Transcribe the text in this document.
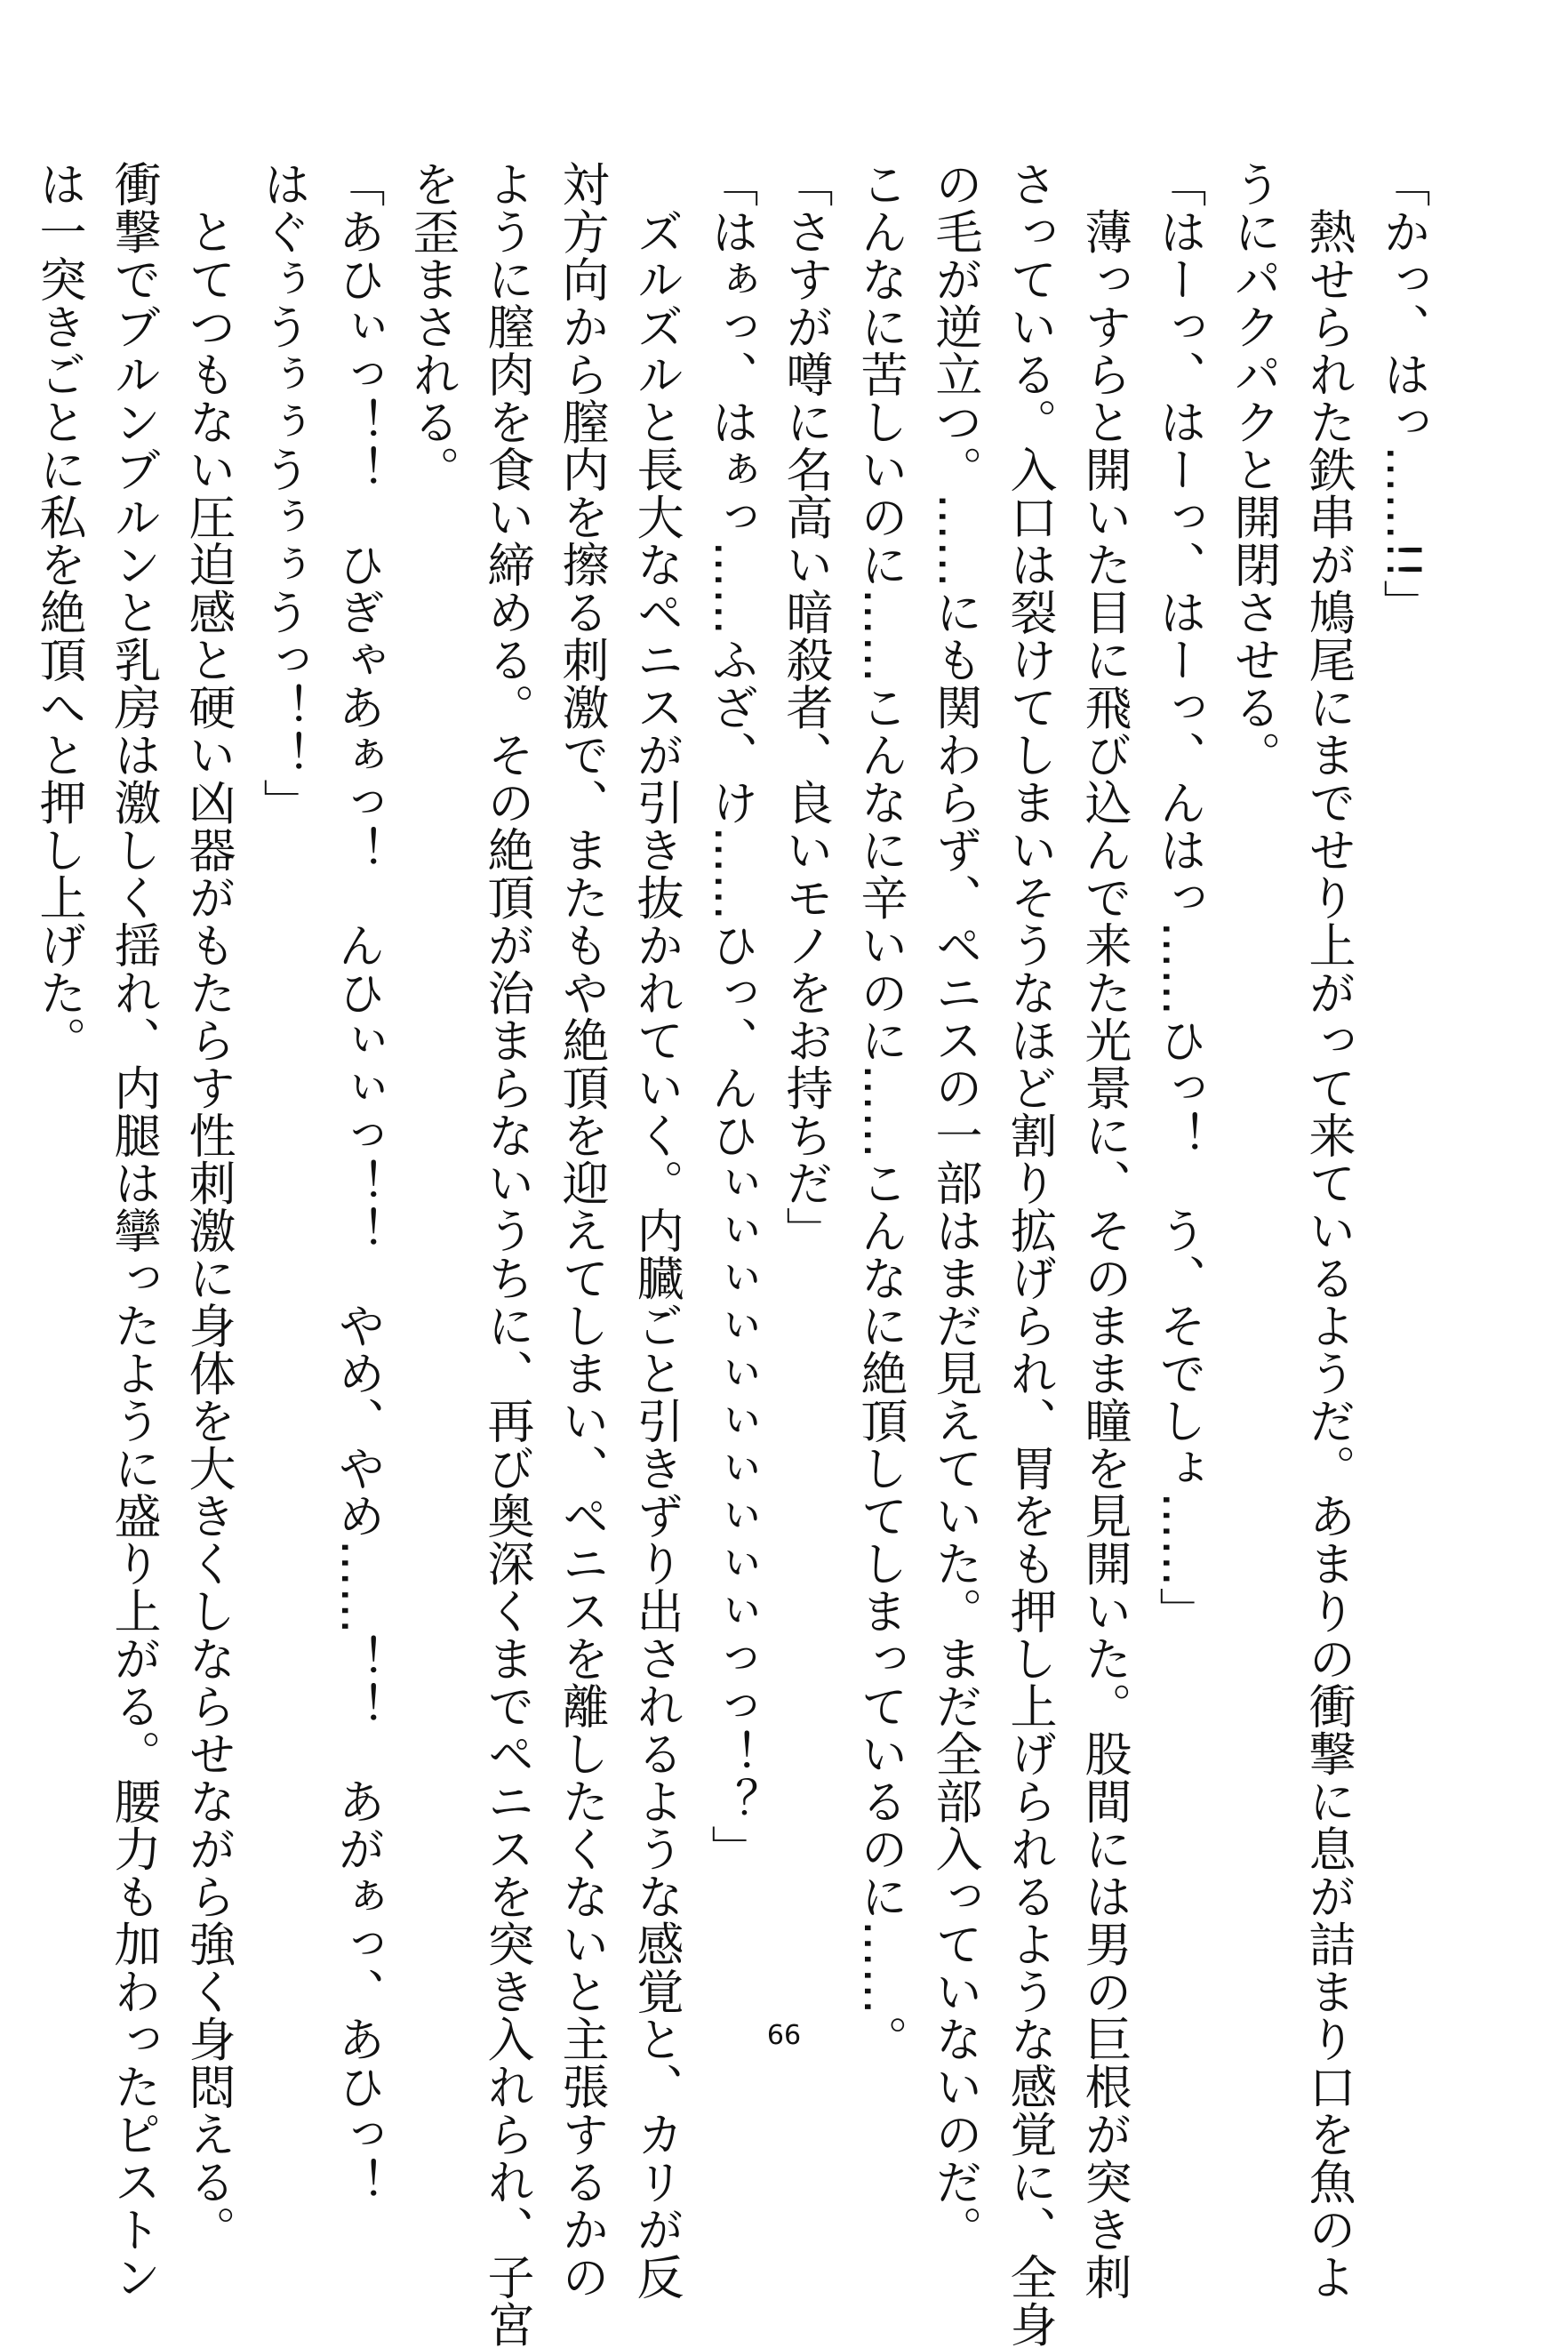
「かっ、はっ……!!」
　熱せられた鉄串が鳩尾にまでせり上がって来ているようだ。あまりの衝撃に息が詰まり口を魚のよ
うにパクパクと開閉させる。
「はーっ、はーっ、はーっ、んはっ……ひっ！　う、そでしょ……」
　薄っすらと開いた目に飛び込んで来た光景に、そのまま瞳を見開いた。股間には男の巨根が突き刺
さっている。入口は裂けてしまいそうなほど割り拡げられ、胃をも押し上げられるような感覚に、全身
の毛が逆立つ。……にも関わらず、ペニスの一部はまだ見えていた。まだ全部入っていないのだ。
こんなに苦しいのに……こんなに辛いのに……こんなに絶頂してしまっているのに……。
「さすが噂に名高い暗殺者、良いモノをお持ちだ」
「はぁっ、はぁっ……ふざ、け……ひっ、んひぃぃぃぃぃぃぃぃぃぃっっ！？」
　ズルズルと長大なペニスが引き抜かれていく。内臓ごと引きずり出されるような感覚と、カリが反
対方向から膣内を擦る刺激で、またもや絶頂を迎えてしまい、ペニスを離したくないと主張するかの
ように膣肉を食い締める。その絶頂が治まらないうちに、再び奥深くまでペニスを突き入れられ、子宮
を歪まされる。
「あひぃっ！！　ひぎゃあぁっ！　んひぃぃっ！！　やめ、やめ……！！　あがぁっ、あひっ！
はぐぅうぅぅうぅぅうっ！！」
　とてつもない圧迫感と硬い凶器がもたらす性刺激に身体を大きくしならせながら強く身悶える。
衝撃でブルンブルンと乳房は激しく揺れ、内腿は攣ったように盛り上がる。腰力も加わったピストン
は一突きごとに私を絶頂へと押し上げた。
66
